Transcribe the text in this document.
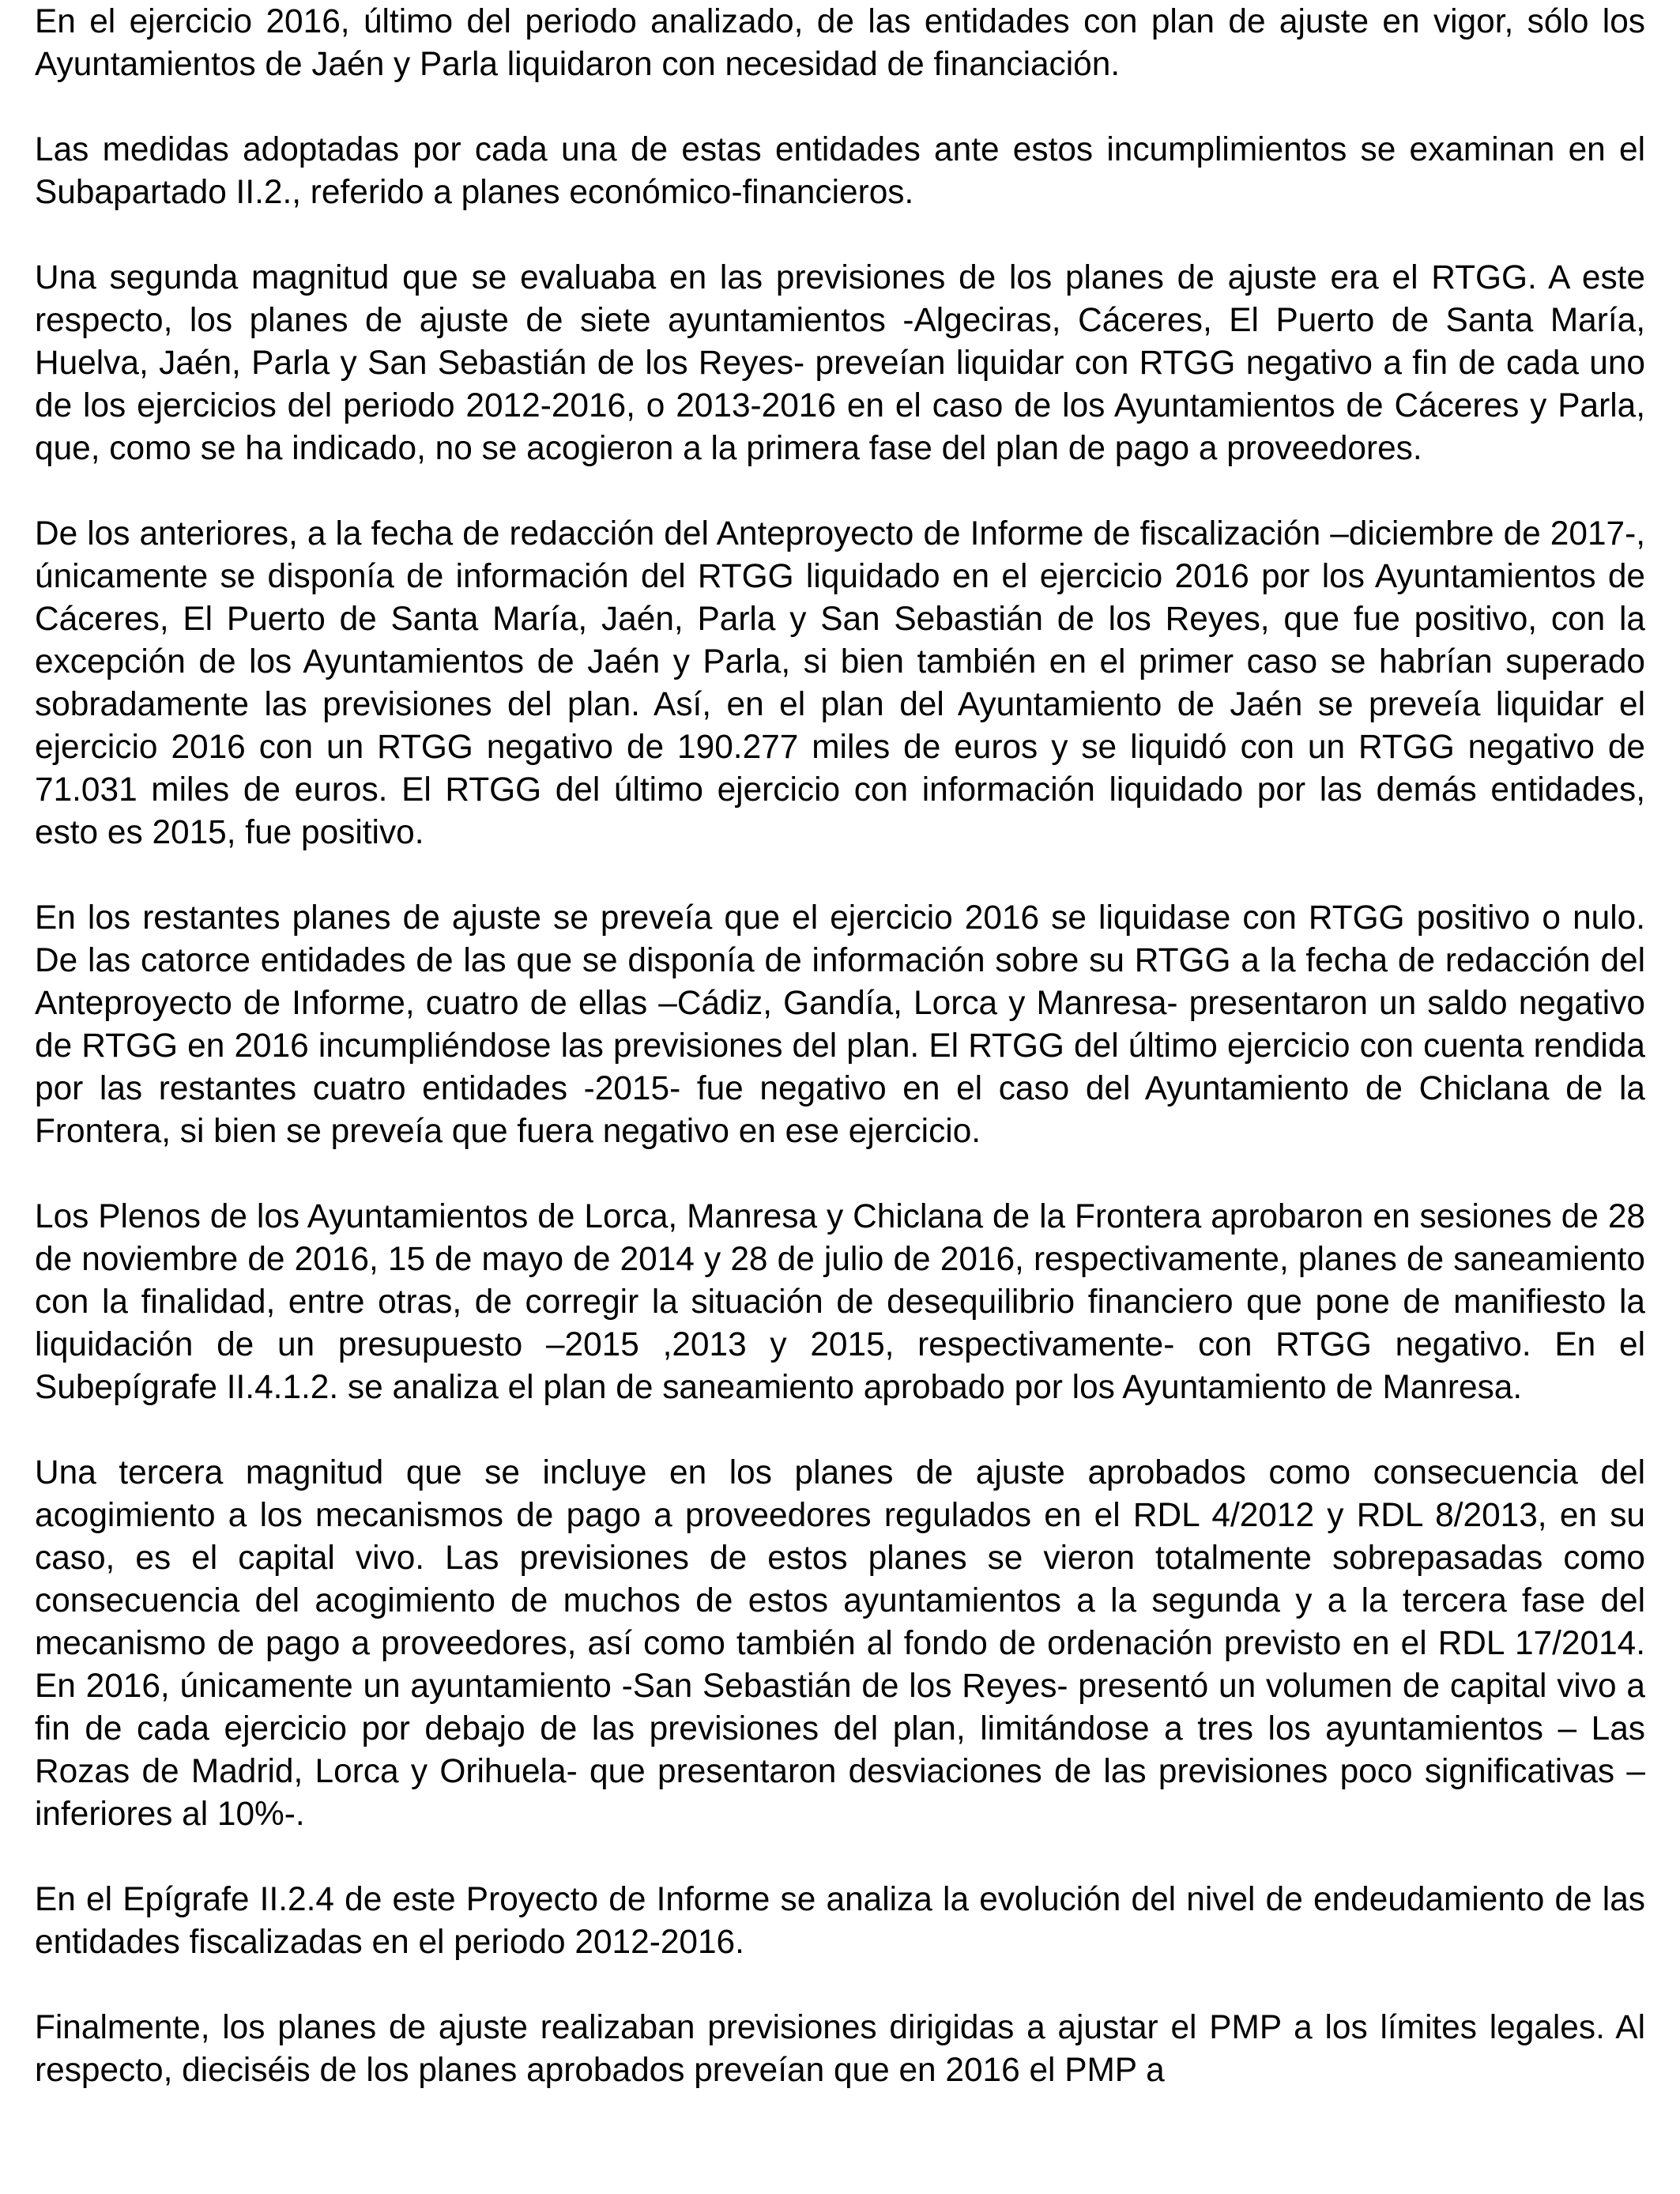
En el ejercicio 2016, último del periodo analizado, de las entidades con plan de ajuste en vigor, sólo los Ayuntamientos de Jaén y Parla liquidaron con necesidad de financiación.

Las medidas adoptadas por cada una de estas entidades ante estos incumplimientos se examinan en el Subapartado II.2., referido a planes económico-financieros.

Una segunda magnitud que se evaluaba en las previsiones de los planes de ajuste era el RTGG. A este respecto, los planes de ajuste de siete ayuntamientos -Algeciras, Cáceres, El Puerto de Santa María, Huelva, Jaén, Parla y San Sebastián de los Reyes- preveían liquidar con RTGG negativo a fin de cada uno de los ejercicios del periodo 2012-2016, o 2013-2016 en el caso de los Ayuntamientos de Cáceres y Parla, que, como se ha indicado, no se acogieron a la primera fase del plan de pago a proveedores.

De los anteriores, a la fecha de redacción del Anteproyecto de Informe de fiscalización –diciembre de 2017-, únicamente se disponía de información del RTGG liquidado en el ejercicio 2016 por los Ayuntamientos de Cáceres, El Puerto de Santa María, Jaén, Parla y San Sebastián de los Reyes, que fue positivo, con la excepción de los Ayuntamientos de Jaén y Parla, si bien también en el primer caso se habrían superado sobradamente las previsiones del plan. Así, en el plan del Ayuntamiento de Jaén se preveía liquidar el ejercicio 2016 con un RTGG negativo de 190.277 miles de euros y se liquidó con un RTGG negativo de 71.031 miles de euros. El RTGG del último ejercicio con información liquidado por las demás entidades, esto es 2015, fue positivo.

En los restantes planes de ajuste se preveía que el ejercicio 2016 se liquidase con RTGG positivo o nulo. De las catorce entidades de las que se disponía de información sobre su RTGG a la fecha de redacción del Anteproyecto de Informe, cuatro de ellas –Cádiz, Gandía, Lorca y Manresa- presentaron un saldo negativo de RTGG en 2016 incumpliéndose las previsiones del plan. El RTGG del último ejercicio con cuenta rendida por las restantes cuatro entidades -2015- fue negativo en el caso del Ayuntamiento de Chiclana de la Frontera, si bien se preveía que fuera negativo en ese ejercicio.

Los Plenos de los Ayuntamientos de Lorca, Manresa y Chiclana de la Frontera aprobaron en sesiones de 28 de noviembre de 2016, 15 de mayo de 2014 y 28 de julio de 2016, respectivamente, planes de saneamiento con la finalidad, entre otras, de corregir la situación de desequilibrio financiero que pone de manifiesto la liquidación de un presupuesto –2015 ,2013 y 2015, respectivamente- con RTGG negativo. En el Subepígrafe II.4.1.2. se analiza el plan de saneamiento aprobado por los Ayuntamiento de Manresa.

Una tercera magnitud que se incluye en los planes de ajuste aprobados como consecuencia del acogimiento a los mecanismos de pago a proveedores regulados en el RDL 4/2012 y RDL 8/2013, en su caso, es el capital vivo. Las previsiones de estos planes se vieron totalmente sobrepasadas como consecuencia del acogimiento de muchos de estos ayuntamientos a la segunda y a la tercera fase del mecanismo de pago a proveedores, así como también al fondo de ordenación previsto en el RDL 17/2014. En 2016, únicamente un ayuntamiento -San Sebastián de los Reyes- presentó un volumen de capital vivo a fin de cada ejercicio por debajo de las previsiones del plan, limitándose a tres los ayuntamientos – Las Rozas de Madrid, Lorca y Orihuela- que presentaron desviaciones de las previsiones poco significativas –inferiores al 10%-.

En el Epígrafe II.2.4 de este Proyecto de Informe se analiza la evolución del nivel de endeudamiento de las entidades fiscalizadas en el periodo 2012-2016.

Finalmente, los planes de ajuste realizaban previsiones dirigidas a ajustar el PMP a los límites legales. Al respecto, dieciséis de los planes aprobados preveían que en 2016 el PMP a
